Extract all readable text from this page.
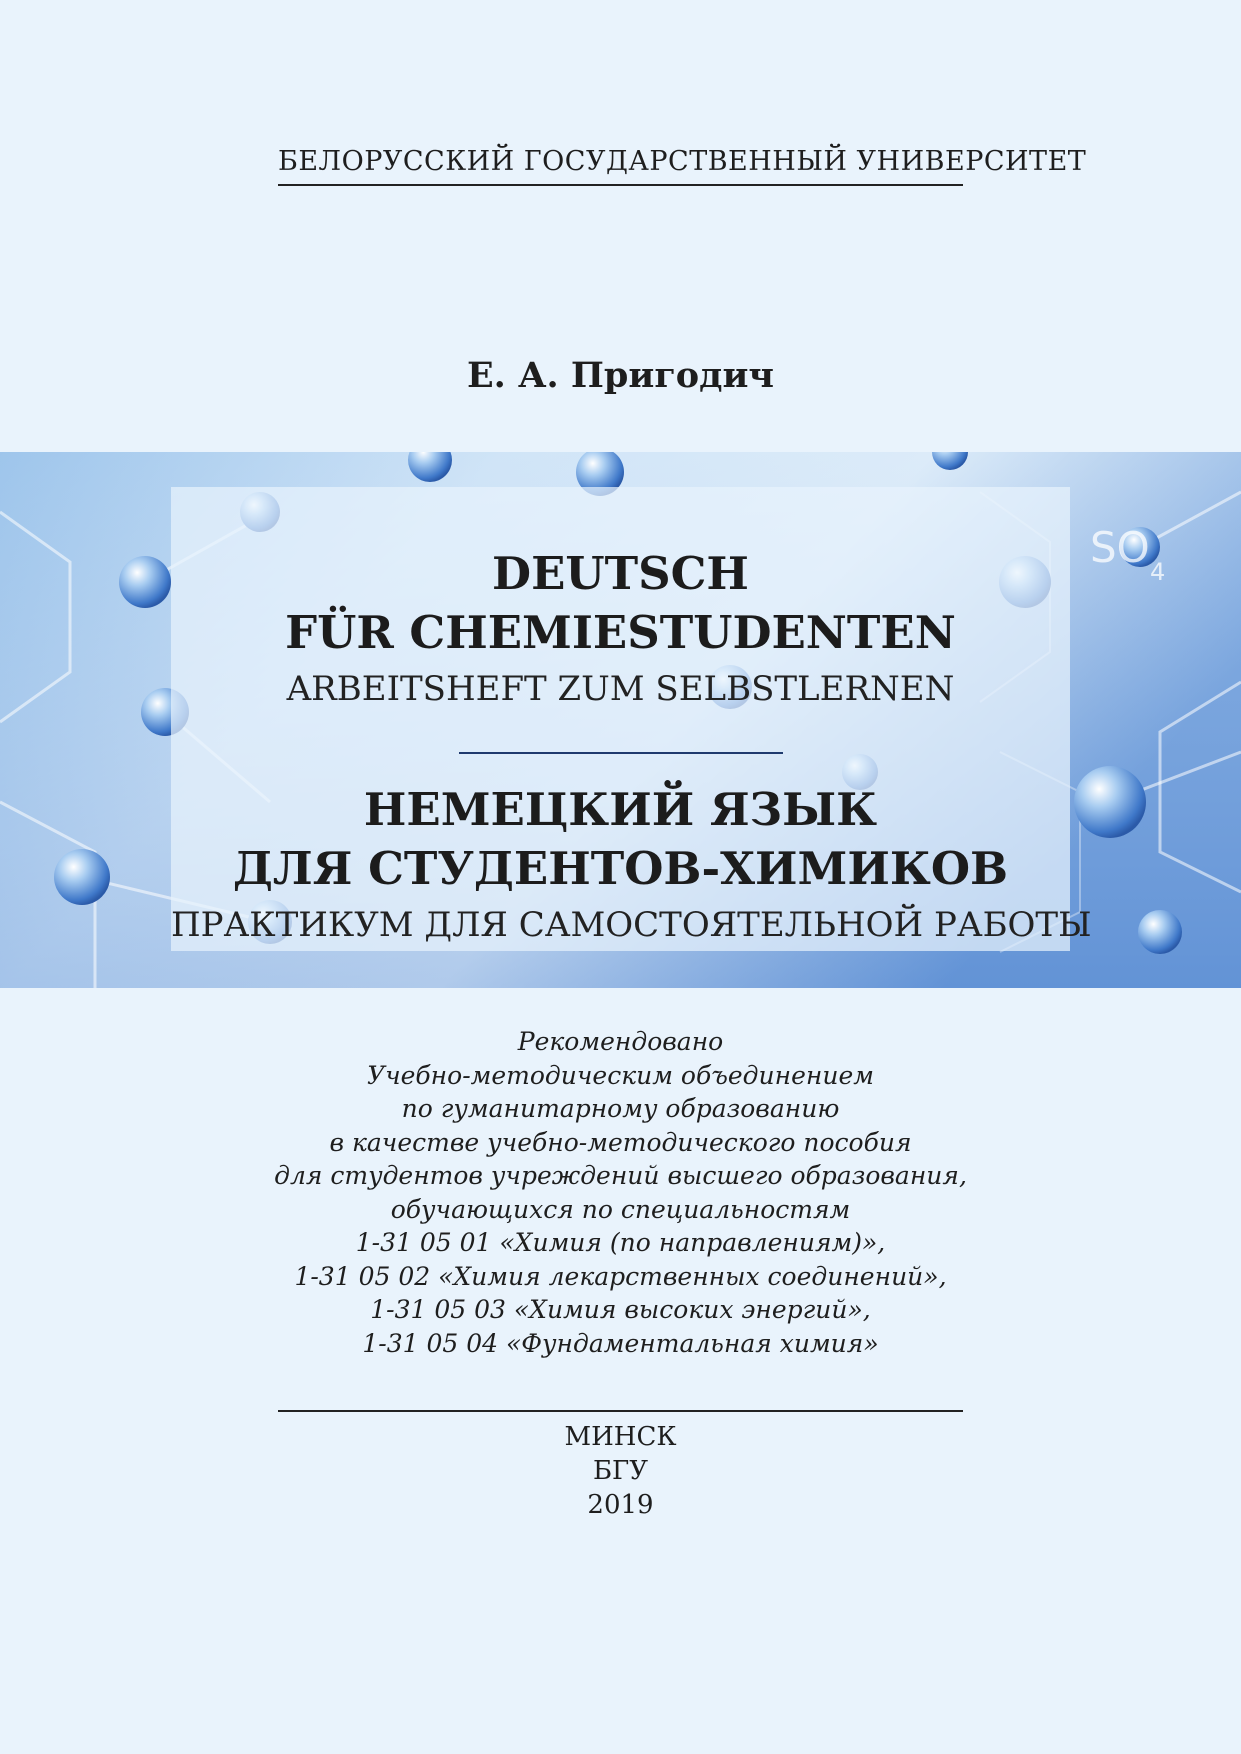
БЕЛОРУССКИЙ ГОСУДАРСТВЕННЫЙ УНИВЕРСИТЕТ
Е. А. Пригодич
SO 4
DEUTSCH
FÜR CHEMIESTUDENTEN
ARBEITSHEFT ZUM SELBSTLERNEN
НЕМЕЦКИЙ ЯЗЫК
ДЛЯ СТУДЕНТОВ-ХИМИКОВ
ПРАКТИКУМ ДЛЯ САМОСТОЯТЕЛЬНОЙ РАБОТЫ
Рекомендовано
Учебно-методическим объединением
по гуманитарному образованию
в качестве учебно-методического пособия
для студентов учреждений высшего образования,
обучающихся по специальностям
1-31 05 01 «Химия (по направлениям)»,
1-31 05 02 «Химия лекарственных соединений»,
1-31 05 03 «Химия высоких энергий»,
1-31 05 04 «Фундаментальная химия»
МИНСК
БГУ
2019
